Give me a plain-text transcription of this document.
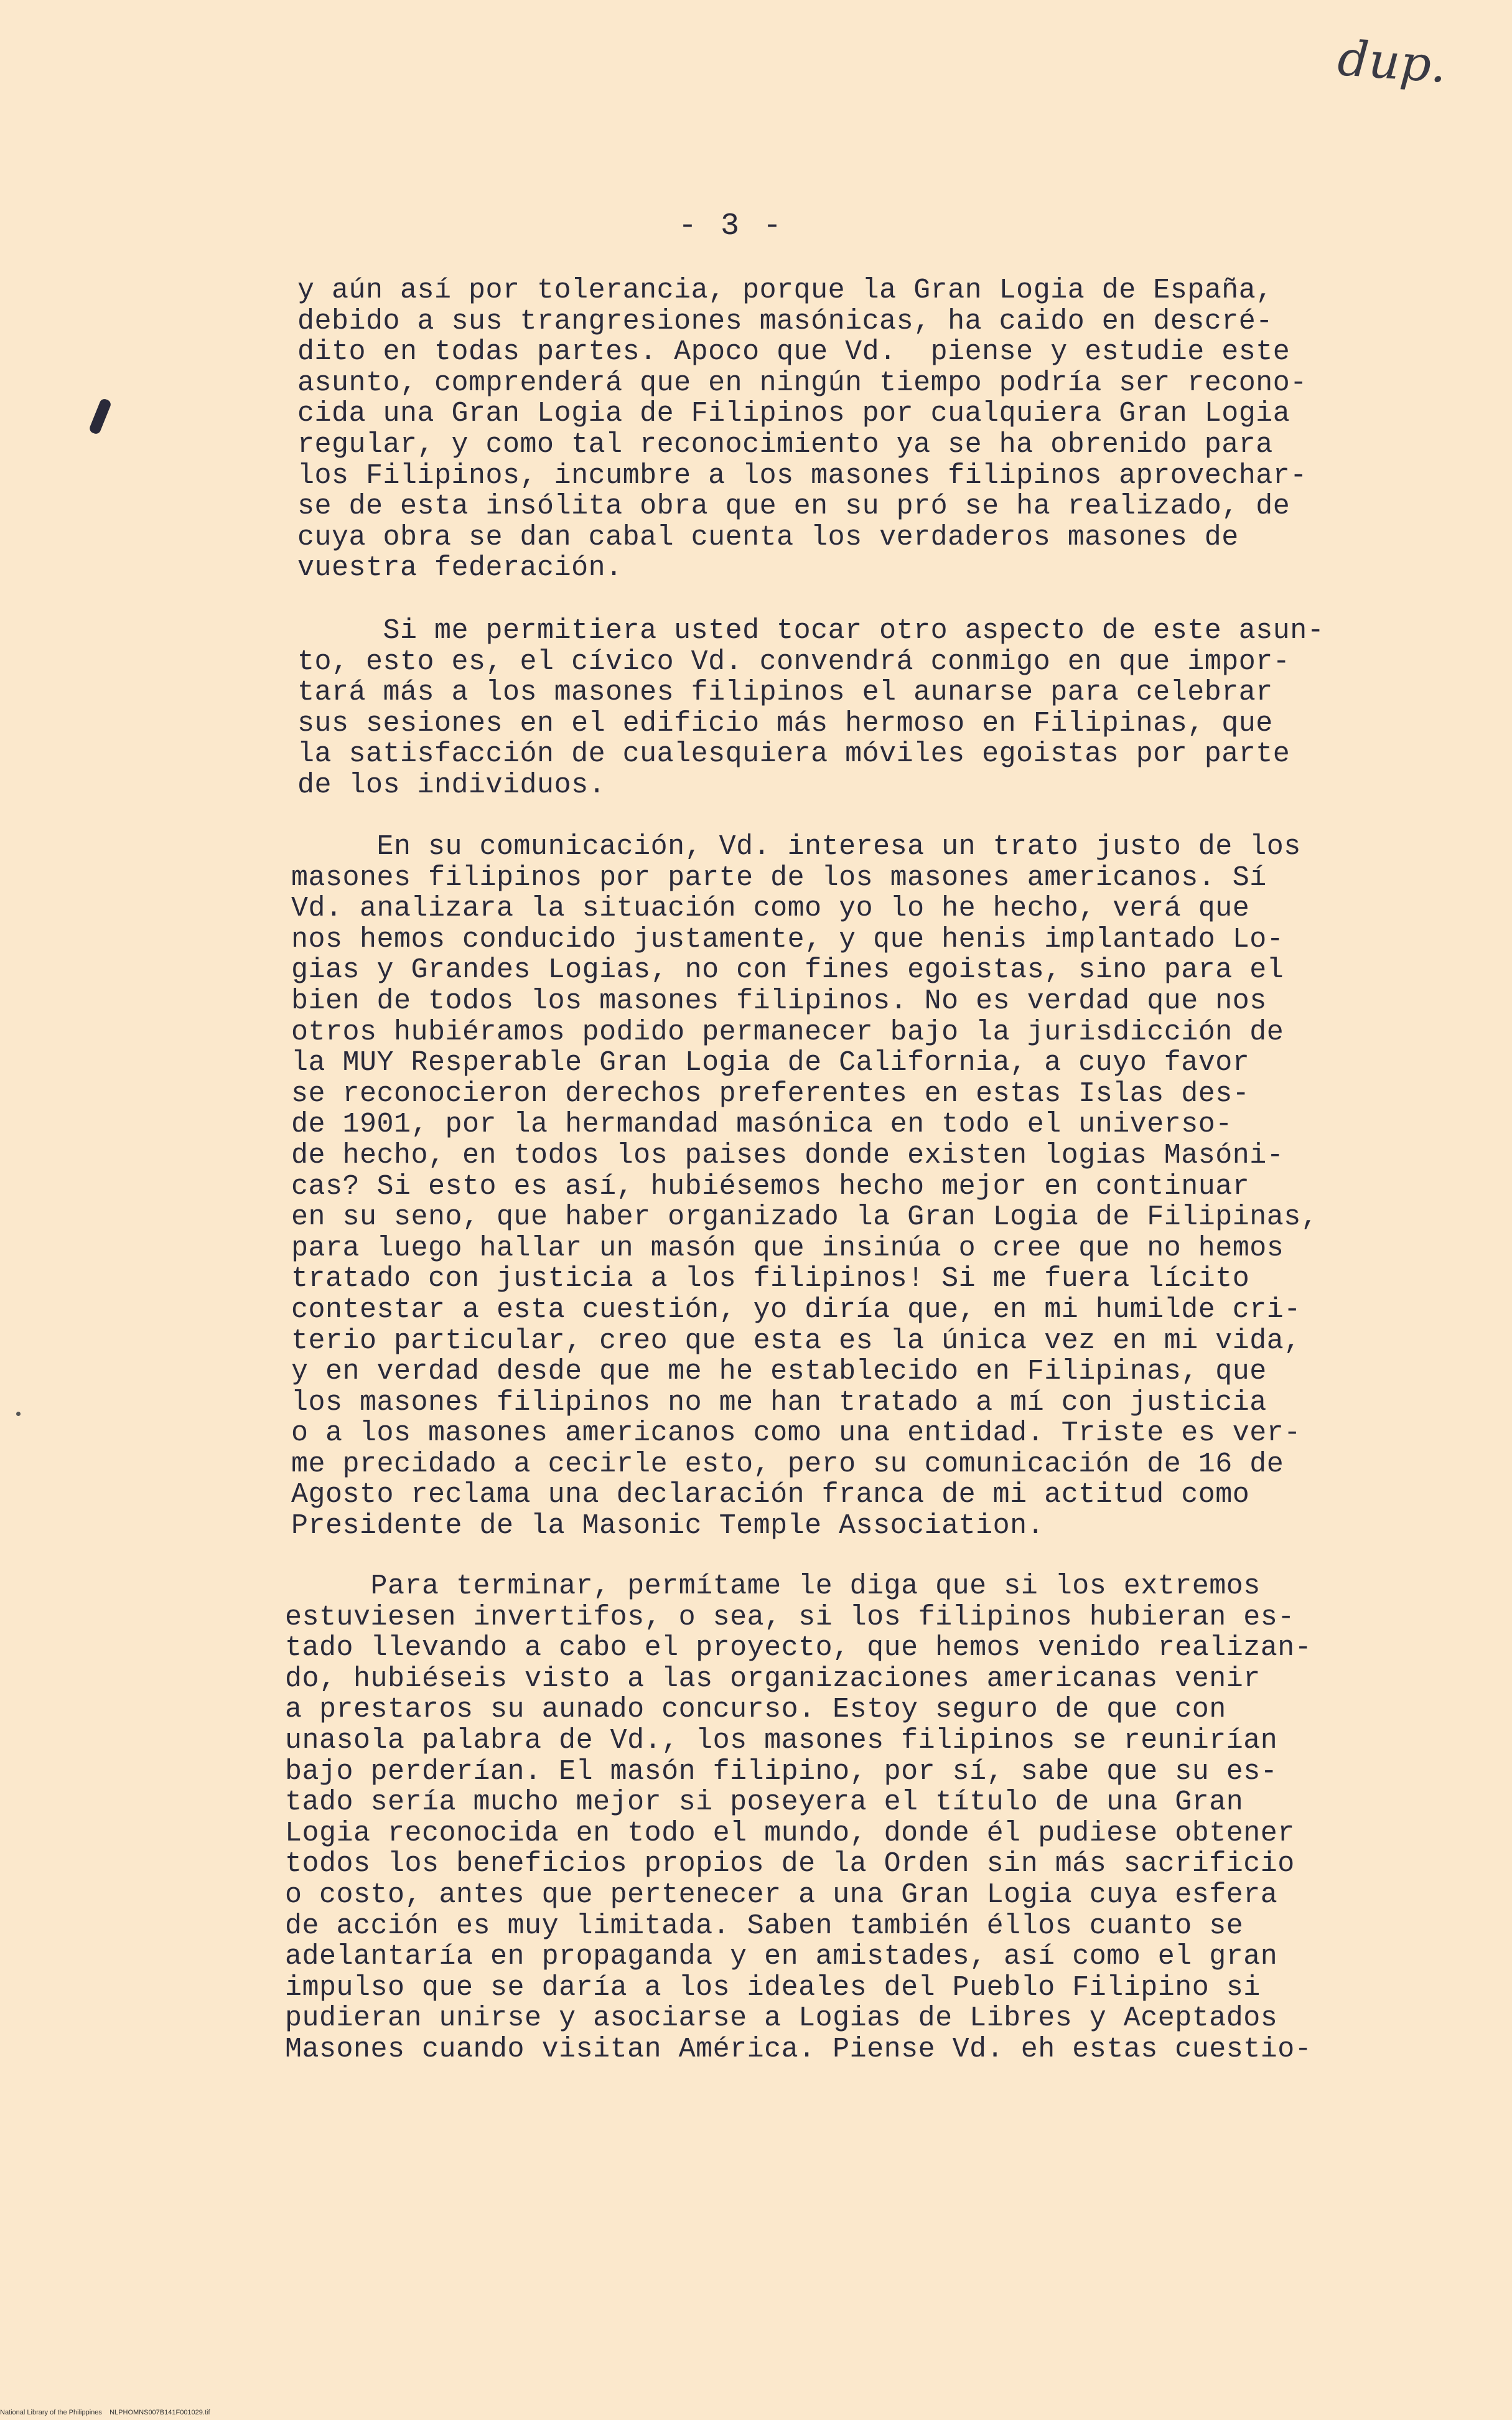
dup.
- 3 -

y aún así por tolerancia, porque la Gran Logia de España,
debido a sus trangresiones masónicas, ha caido en descré-
dito en todas partes. Apoco que Vd.  piense y estudie este
asunto, comprenderá que en ningún tiempo podría ser recono-
cida una Gran Logia de Filipinos por cualquiera Gran Logia
regular, y como tal reconocimiento ya se ha obrenido para
los Filipinos, incumbre a los masones filipinos aprovechar-
se de esta insólita obra que en su pró se ha realizado, de
cuya obra se dan cabal cuenta los verdaderos masones de
vuestra federación.

Si me permitiera usted tocar otro aspecto de este asun-
to, esto es, el cívico Vd. convendrá conmigo en que impor-
tará más a los masones filipinos el aunarse para celebrar
sus sesiones en el edificio más hermoso en Filipinas, que
la satisfacción de cualesquiera móviles egoistas por parte
de los individuos.

En su comunicación, Vd. interesa un trato justo de los
masones filipinos por parte de los masones americanos. Sí
Vd. analizara la situación como yo lo he hecho, verá que
nos hemos conducido justamente, y que henis implantado Lo-
gias y Grandes Logias, no con fines egoistas, sino para el
bien de todos los masones filipinos. No es verdad que nos
otros hubiéramos podido permanecer bajo la jurisdicción de
la MUY Resperable Gran Logia de California, a cuyo favor
se reconocieron derechos preferentes en estas Islas des-
de 1901, por la hermandad masónica en todo el universo-
de hecho, en todos los paises donde existen logias Masóni-
cas? Si esto es así, hubiésemos hecho mejor en continuar
en su seno, que haber organizado la Gran Logia de Filipinas,
para luego hallar un masón que insinúa o cree que no hemos
tratado con justicia a los filipinos! Si me fuera lícito
contestar a esta cuestión, yo diría que, en mi humilde cri-
terio particular, creo que esta es la única vez en mi vida,
y en verdad desde que me he establecido en Filipinas, que
los masones filipinos no me han tratado a mí con justicia
o a los masones americanos como una entidad. Triste es ver-
me precidado a cecirle esto, pero su comunicación de 16 de
Agosto reclama una declaración franca de mi actitud como
Presidente de la Masonic Temple Association.

Para terminar, permítame le diga que si los extremos
estuviesen invertifos, o sea, si los filipinos hubieran es-
tado llevando a cabo el proyecto, que hemos venido realizan-
do, hubiéseis visto a las organizaciones americanas venir
a prestaros su aunado concurso. Estoy seguro de que con
unasola palabra de Vd., los masones filipinos se reunirían
bajo perderían. El masón filipino, por sí, sabe que su es-
tado sería mucho mejor si poseyera el título de una Gran
Logia reconocida en todo el mundo, donde él pudiese obtener
todos los beneficios propios de la Orden sin más sacrificio
o costo, antes que pertenecer a una Gran Logia cuya esfera
de acción es muy limitada. Saben también éllos cuanto se
adelantaría en propaganda y en amistades, así como el gran
impulso que se daría a los ideales del Pueblo Filipino si
pudieran unirse y asociarse a Logias de Libres y Aceptados
Masones cuando visitan América. Piense Vd. eh estas cuestio-

National Library of the Philippines    NLPHOMNS007B141F001029.tif
